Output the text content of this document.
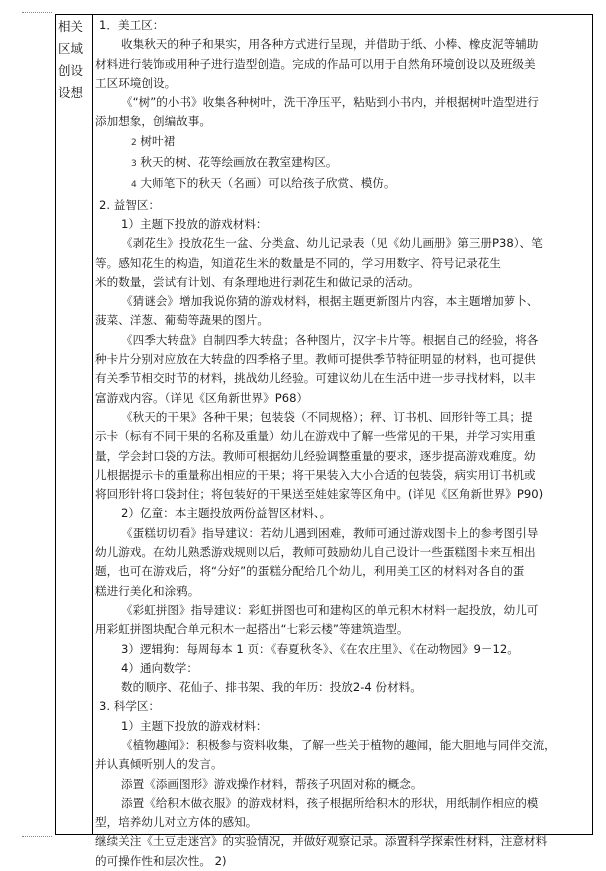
相关
区域
创设
设想

1．美工区：

收集秋天的种子和果实，用各种方式进行呈现，并借助于纸、小棒、橡皮泥等辅助

材料进行装饰或用种子进行造型创造。完成的作品可以用于自然角环境创设以及班级美

工区环境创设。

《“树”的小书》收集各种树叶，洗干净压平，粘贴到小书内，并根据树叶造型进行

添加想象，创编故事。

2 树叶裙

3 秋天的树、花等绘画放在教室建构区。

4 大师笔下的秋天（名画）可以给孩子欣赏、模仿。

2. 益智区：

1）主题下投放的游戏材料：

《剥花生》投放花生一盆、分类盒、幼儿记录表（见《幼儿画册》第三册P38）、笔

等。感知花生的构造，知道花生米的数量是不同的，学习用数字、符号记录花生

米的数量，尝试有计划、有条理地进行剥花生和做记录的活动。

《猜谜会》增加我说你猜的游戏材料，根据主题更新图片内容，本主题增加萝卜、

菠菜、洋葱、葡萄等蔬果的图片。

《四季大转盘》自制四季大转盘；各种图片，汉字卡片等。根据自己的经验，将各

种卡片分别对应放在大转盘的四季格子里。教师可提供季节特征明显的材料，也可提供

有关季节相交时节的材料，挑战幼儿经验。可建议幼儿在生活中进一步寻找材料，以丰

富游戏内容。（详见《区角新世界》P68）

《秋天的干果》各种干果；包装袋（不同规格）；秤、订书机、回形针等工具；提

示卡（标有不同干果的名称及重量）幼儿在游戏中了解一些常见的干果，并学习实用重

量，学会封口袋的方法。教师可根据幼儿经验调整重量的要求，逐步提高游戏难度。幼

儿根据提示卡的重量称出相应的干果；将干果装入大小合适的包装袋，病实用订书机或

将回形针将口袋封住；将包装好的干果送至娃娃家等区角中。(详见《区角新世界》P90)

2）亿童：本主题投放两份益智区材料、。

《蛋糕切切看》指导建议：若幼儿遇到困难，教师可通过游戏图卡上的参考图引导

幼儿游戏。在幼儿熟悉游戏规则以后，教师可鼓励幼儿自己设计一些蛋糕图卡来互相出

题，也可在游戏后，将“分好”的蛋糕分配给几个幼儿，利用美工区的材料对各自的蛋

糕进行美化和涂鸦。

《彩虹拼图》指导建议：彩虹拼图也可和建构区的单元积木材料一起投放，幼儿可

用彩虹拼图块配合单元积木一起搭出“七彩云楼”等建筑造型。

3）逻辑狗：每周每本 1 页：《春夏秋冬》、《在农庄里》、《在动物园》9－12。

4）通向数学：

数的顺序、花仙子、排书架、我的年历：投放2-4 份材料。

3. 科学区：

1）主题下投放的游戏材料：

《植物趣闻》：积极参与资料收集，了解一些关于植物的趣闻，能大胆地与同伴交流，

并认真倾听别人的发言。

添置《添画图形》游戏操作材料，帮孩子巩固对称的概念。

添置《给积木做衣服》的游戏材料，孩子根据所给积木的形状，用纸制作相应的模

型，培养幼儿对立方体的感知。

继续关注《土豆走迷宫》的实验情况，并做好观察记录。添置科学探索性材料，注意材料

的可操作性和层次性。 2)
